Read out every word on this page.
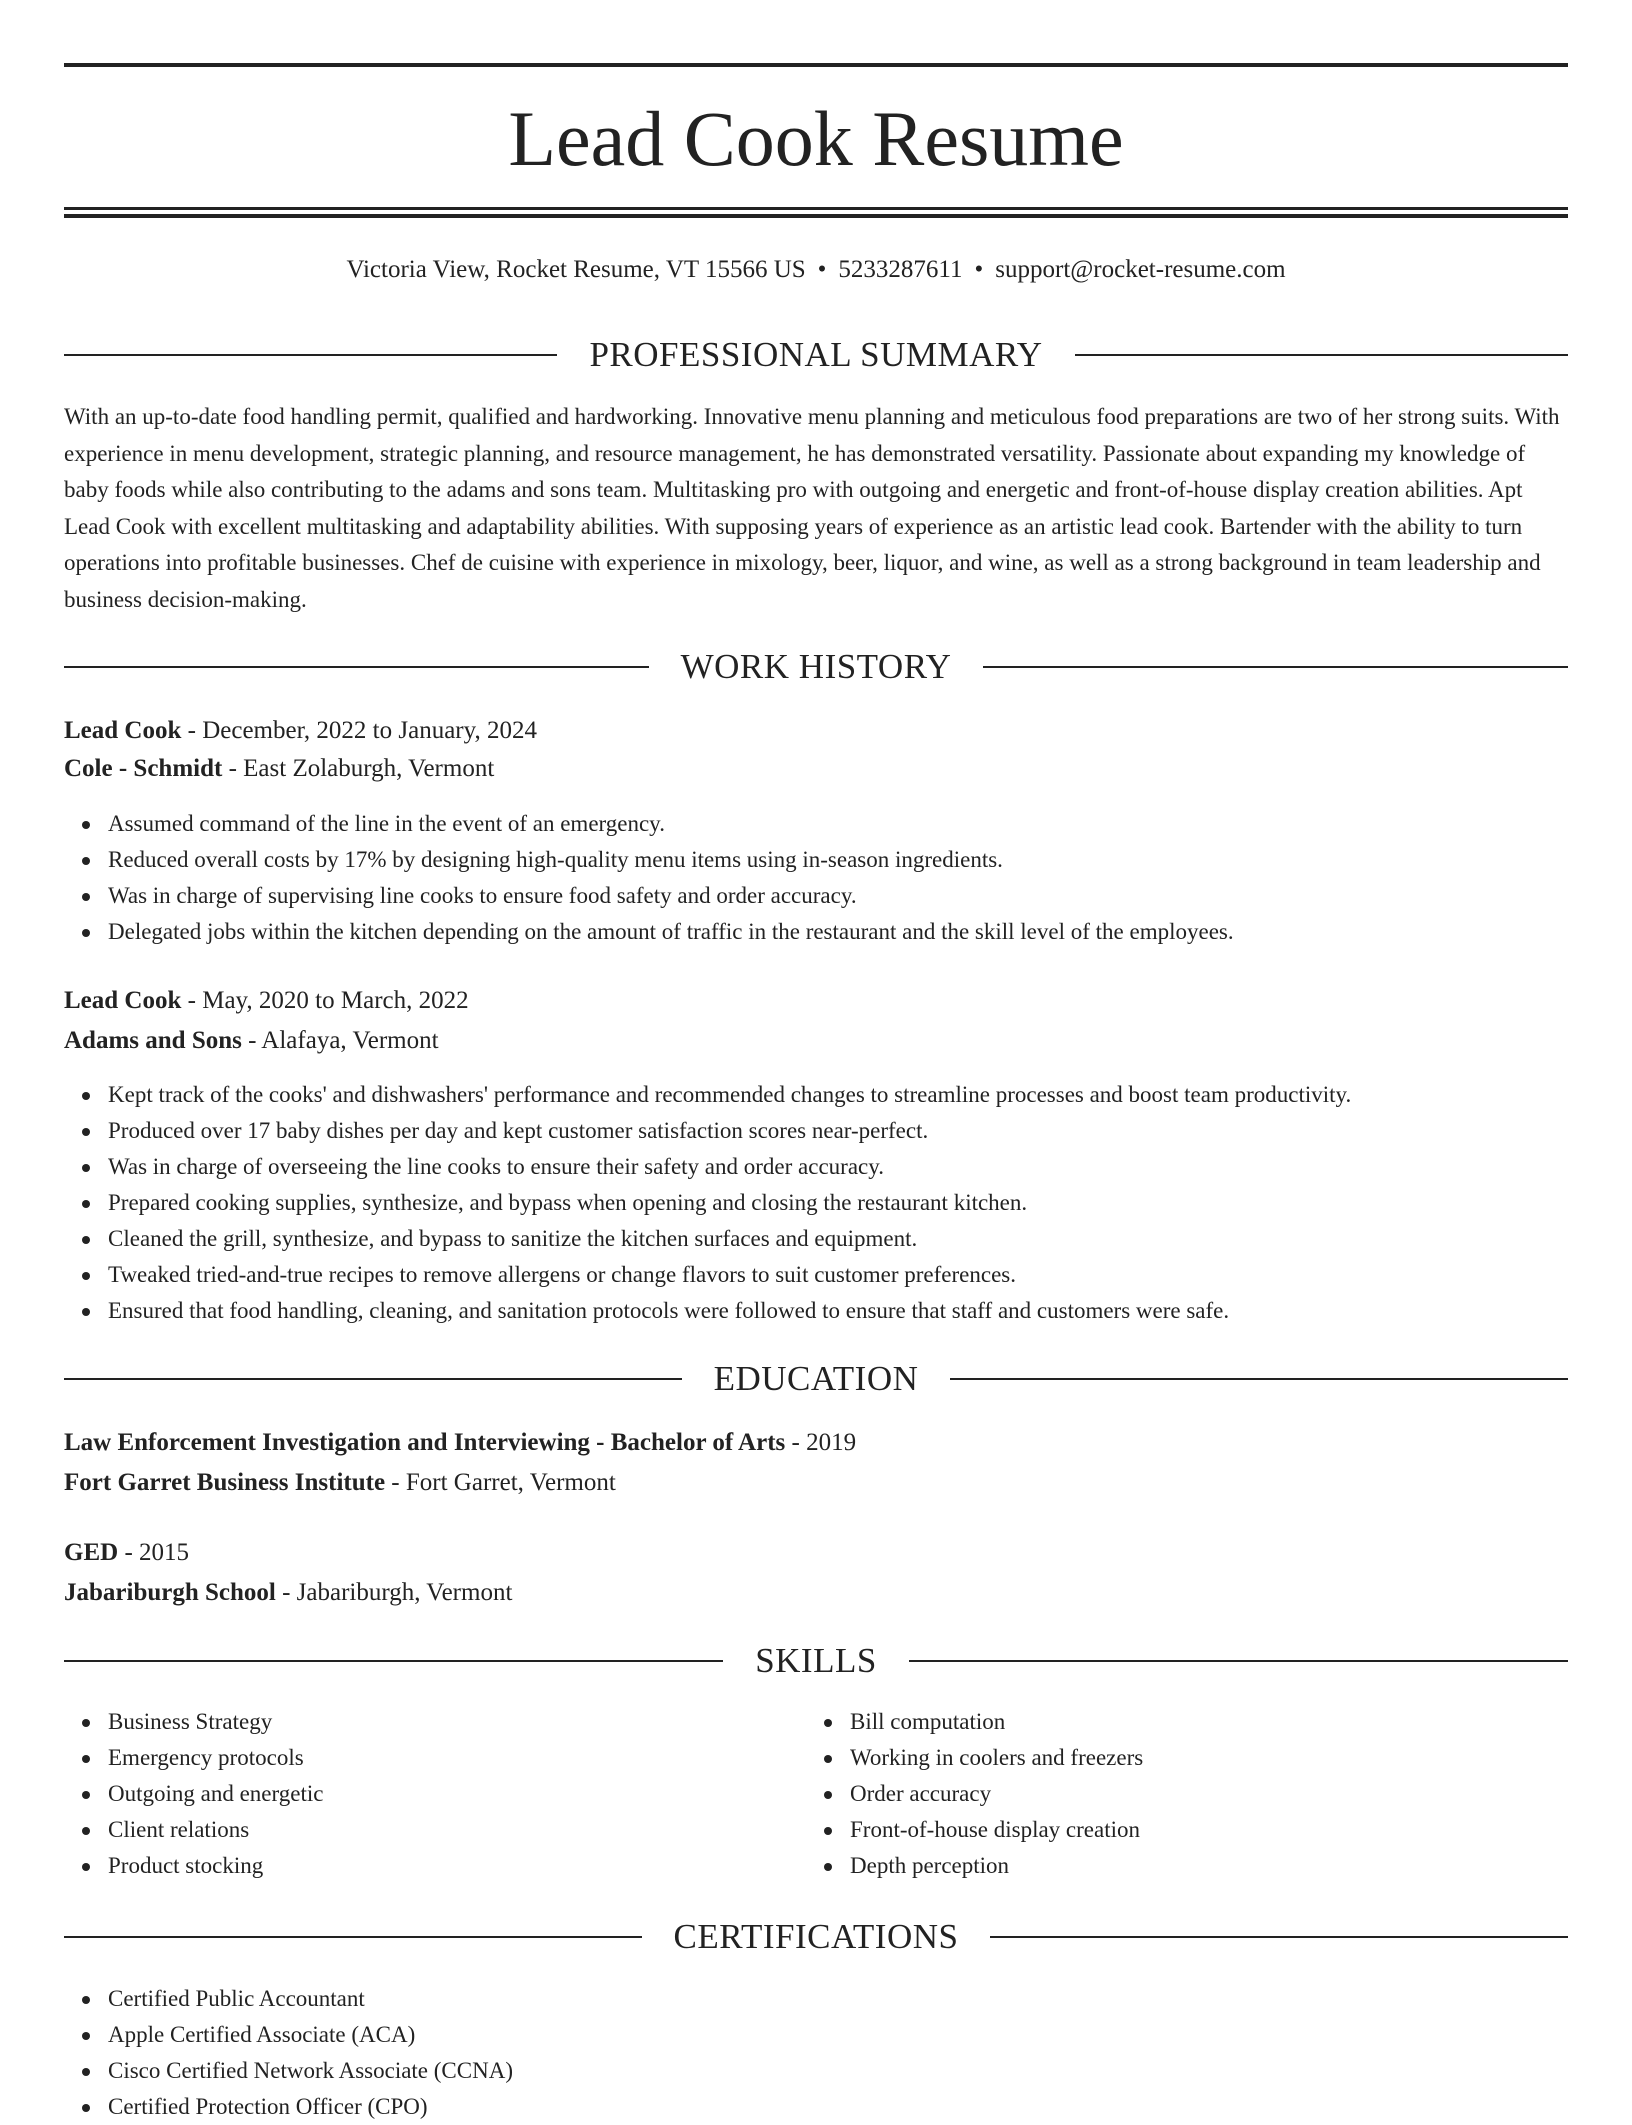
Lead Cook Resume
Victoria View, Rocket Resume, VT 15566 US • 5233287611 • support@rocket-resume.com
PROFESSIONAL SUMMARY

With an up-to-date food handling permit, qualified and hardworking. Innovative menu planning and meticulous food preparations are two of her strong suits. With experience in menu development, strategic planning, and resource management, he has demonstrated versatility. Passionate about expanding my knowledge of baby foods while also contributing to the adams and sons team. Multitasking pro with outgoing and energetic and front-of-house display creation abilities. Apt Lead Cook with excellent multitasking and adaptability abilities. With supposing years of experience as an artistic lead cook. Bartender with the ability to turn operations into profitable businesses. Chef de cuisine with experience in mixology, beer, liquor, and wine, as well as a strong background in team leadership and business decision-making.

WORK HISTORY
Lead Cook - December, 2022 to January, 2024
Cole - Schmidt - East Zolaburgh, Vermont
Assumed command of the line in the event of an emergency.
Reduced overall costs by 17% by designing high-quality menu items using in-season ingredients.
Was in charge of supervising line cooks to ensure food safety and order accuracy.
Delegated jobs within the kitchen depending on the amount of traffic in the restaurant and the skill level of the employees.
Lead Cook - May, 2020 to March, 2022
Adams and Sons - Alafaya, Vermont
Kept track of the cooks' and dishwashers' performance and recommended changes to streamline processes and boost team productivity.
Produced over 17 baby dishes per day and kept customer satisfaction scores near-perfect.
Was in charge of overseeing the line cooks to ensure their safety and order accuracy.
Prepared cooking supplies, synthesize, and bypass when opening and closing the restaurant kitchen.
Cleaned the grill, synthesize, and bypass to sanitize the kitchen surfaces and equipment.
Tweaked tried-and-true recipes to remove allergens or change flavors to suit customer preferences.
Ensured that food handling, cleaning, and sanitation protocols were followed to ensure that staff and customers were safe.
EDUCATION
Law Enforcement Investigation and Interviewing - Bachelor of Arts - 2019
Fort Garret Business Institute - Fort Garret, Vermont
GED - 2015
Jabariburgh School - Jabariburgh, Vermont
SKILLS
Business Strategy
Emergency protocols
Outgoing and energetic
Client relations
Product stocking
Bill computation
Working in coolers and freezers
Order accuracy
Front-of-house display creation
Depth perception
CERTIFICATIONS
Certified Public Accountant
Apple Certified Associate (ACA)
Cisco Certified Network Associate (CCNA)
Certified Protection Officer (CPO)
